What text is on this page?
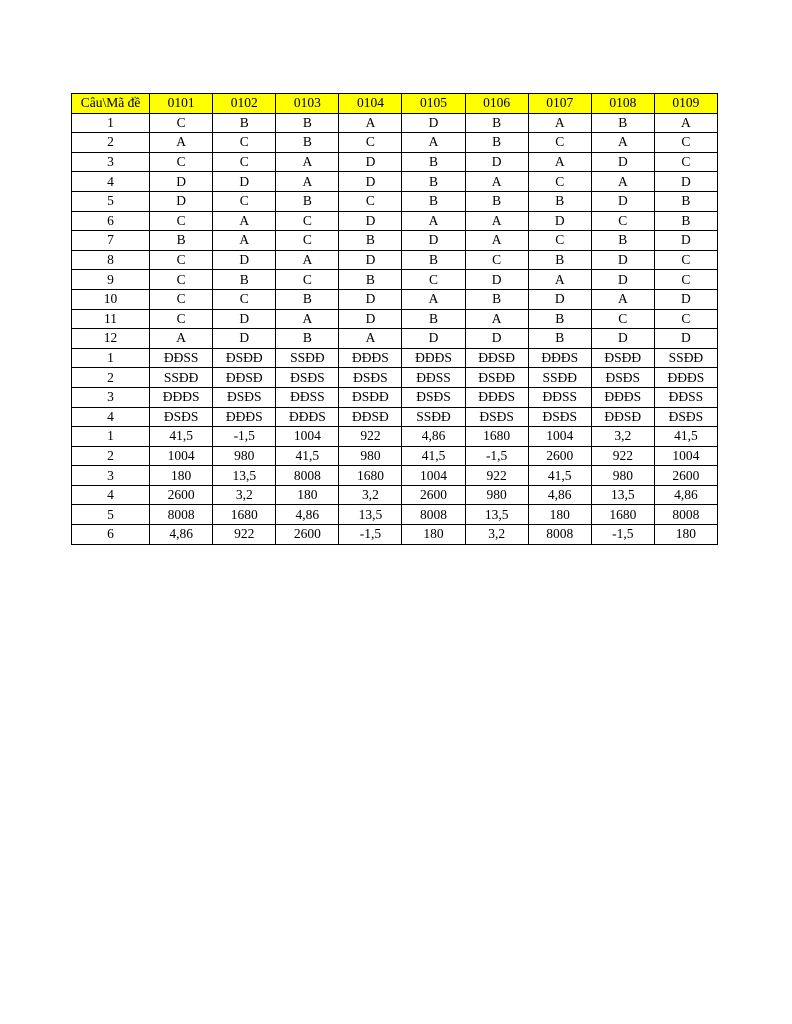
Câu\Mã đề	0101	0102	0103	0104	0105	0106	0107	0108	0109
1	C	B	B	A	D	B	A	B	A
2	A	C	B	C	A	B	C	A	C
3	C	C	A	D	B	D	A	D	C
4	D	D	A	D	B	A	C	A	D
5	D	C	B	C	B	B	B	D	B
6	C	A	C	D	A	A	D	C	B
7	B	A	C	B	D	A	C	B	D
8	C	D	A	D	B	C	B	D	C
9	C	B	C	B	C	D	A	D	C
10	C	C	B	D	A	B	D	A	D
11	C	D	A	D	B	A	B	C	C
12	A	D	B	A	D	D	B	D	D
1	ĐĐSS	ĐSĐĐ	SSĐĐ	ĐĐĐS	ĐĐĐS	ĐĐSĐ	ĐĐĐS	ĐSĐĐ	SSĐĐ
2	SSĐĐ	ĐĐSĐ	ĐSĐS	ĐSĐS	ĐĐSS	ĐSĐĐ	SSĐĐ	ĐSĐS	ĐĐĐS
3	ĐĐĐS	ĐSĐS	ĐĐSS	ĐSĐĐ	ĐSĐS	ĐĐĐS	ĐĐSS	ĐĐĐS	ĐĐSS
4	ĐSĐS	ĐĐĐS	ĐĐĐS	ĐĐSĐ	SSĐĐ	ĐSĐS	ĐSĐS	ĐĐSĐ	ĐSĐS
1	41,5	-1,5	1004	922	4,86	1680	1004	3,2	41,5
2	1004	980	41,5	980	41,5	-1,5	2600	922	1004
3	180	13,5	8008	1680	1004	922	41,5	980	2600
4	2600	3,2	180	3,2	2600	980	4,86	13,5	4,86
5	8008	1680	4,86	13,5	8008	13,5	180	1680	8008
6	4,86	922	2600	-1,5	180	3,2	8008	-1,5	180
